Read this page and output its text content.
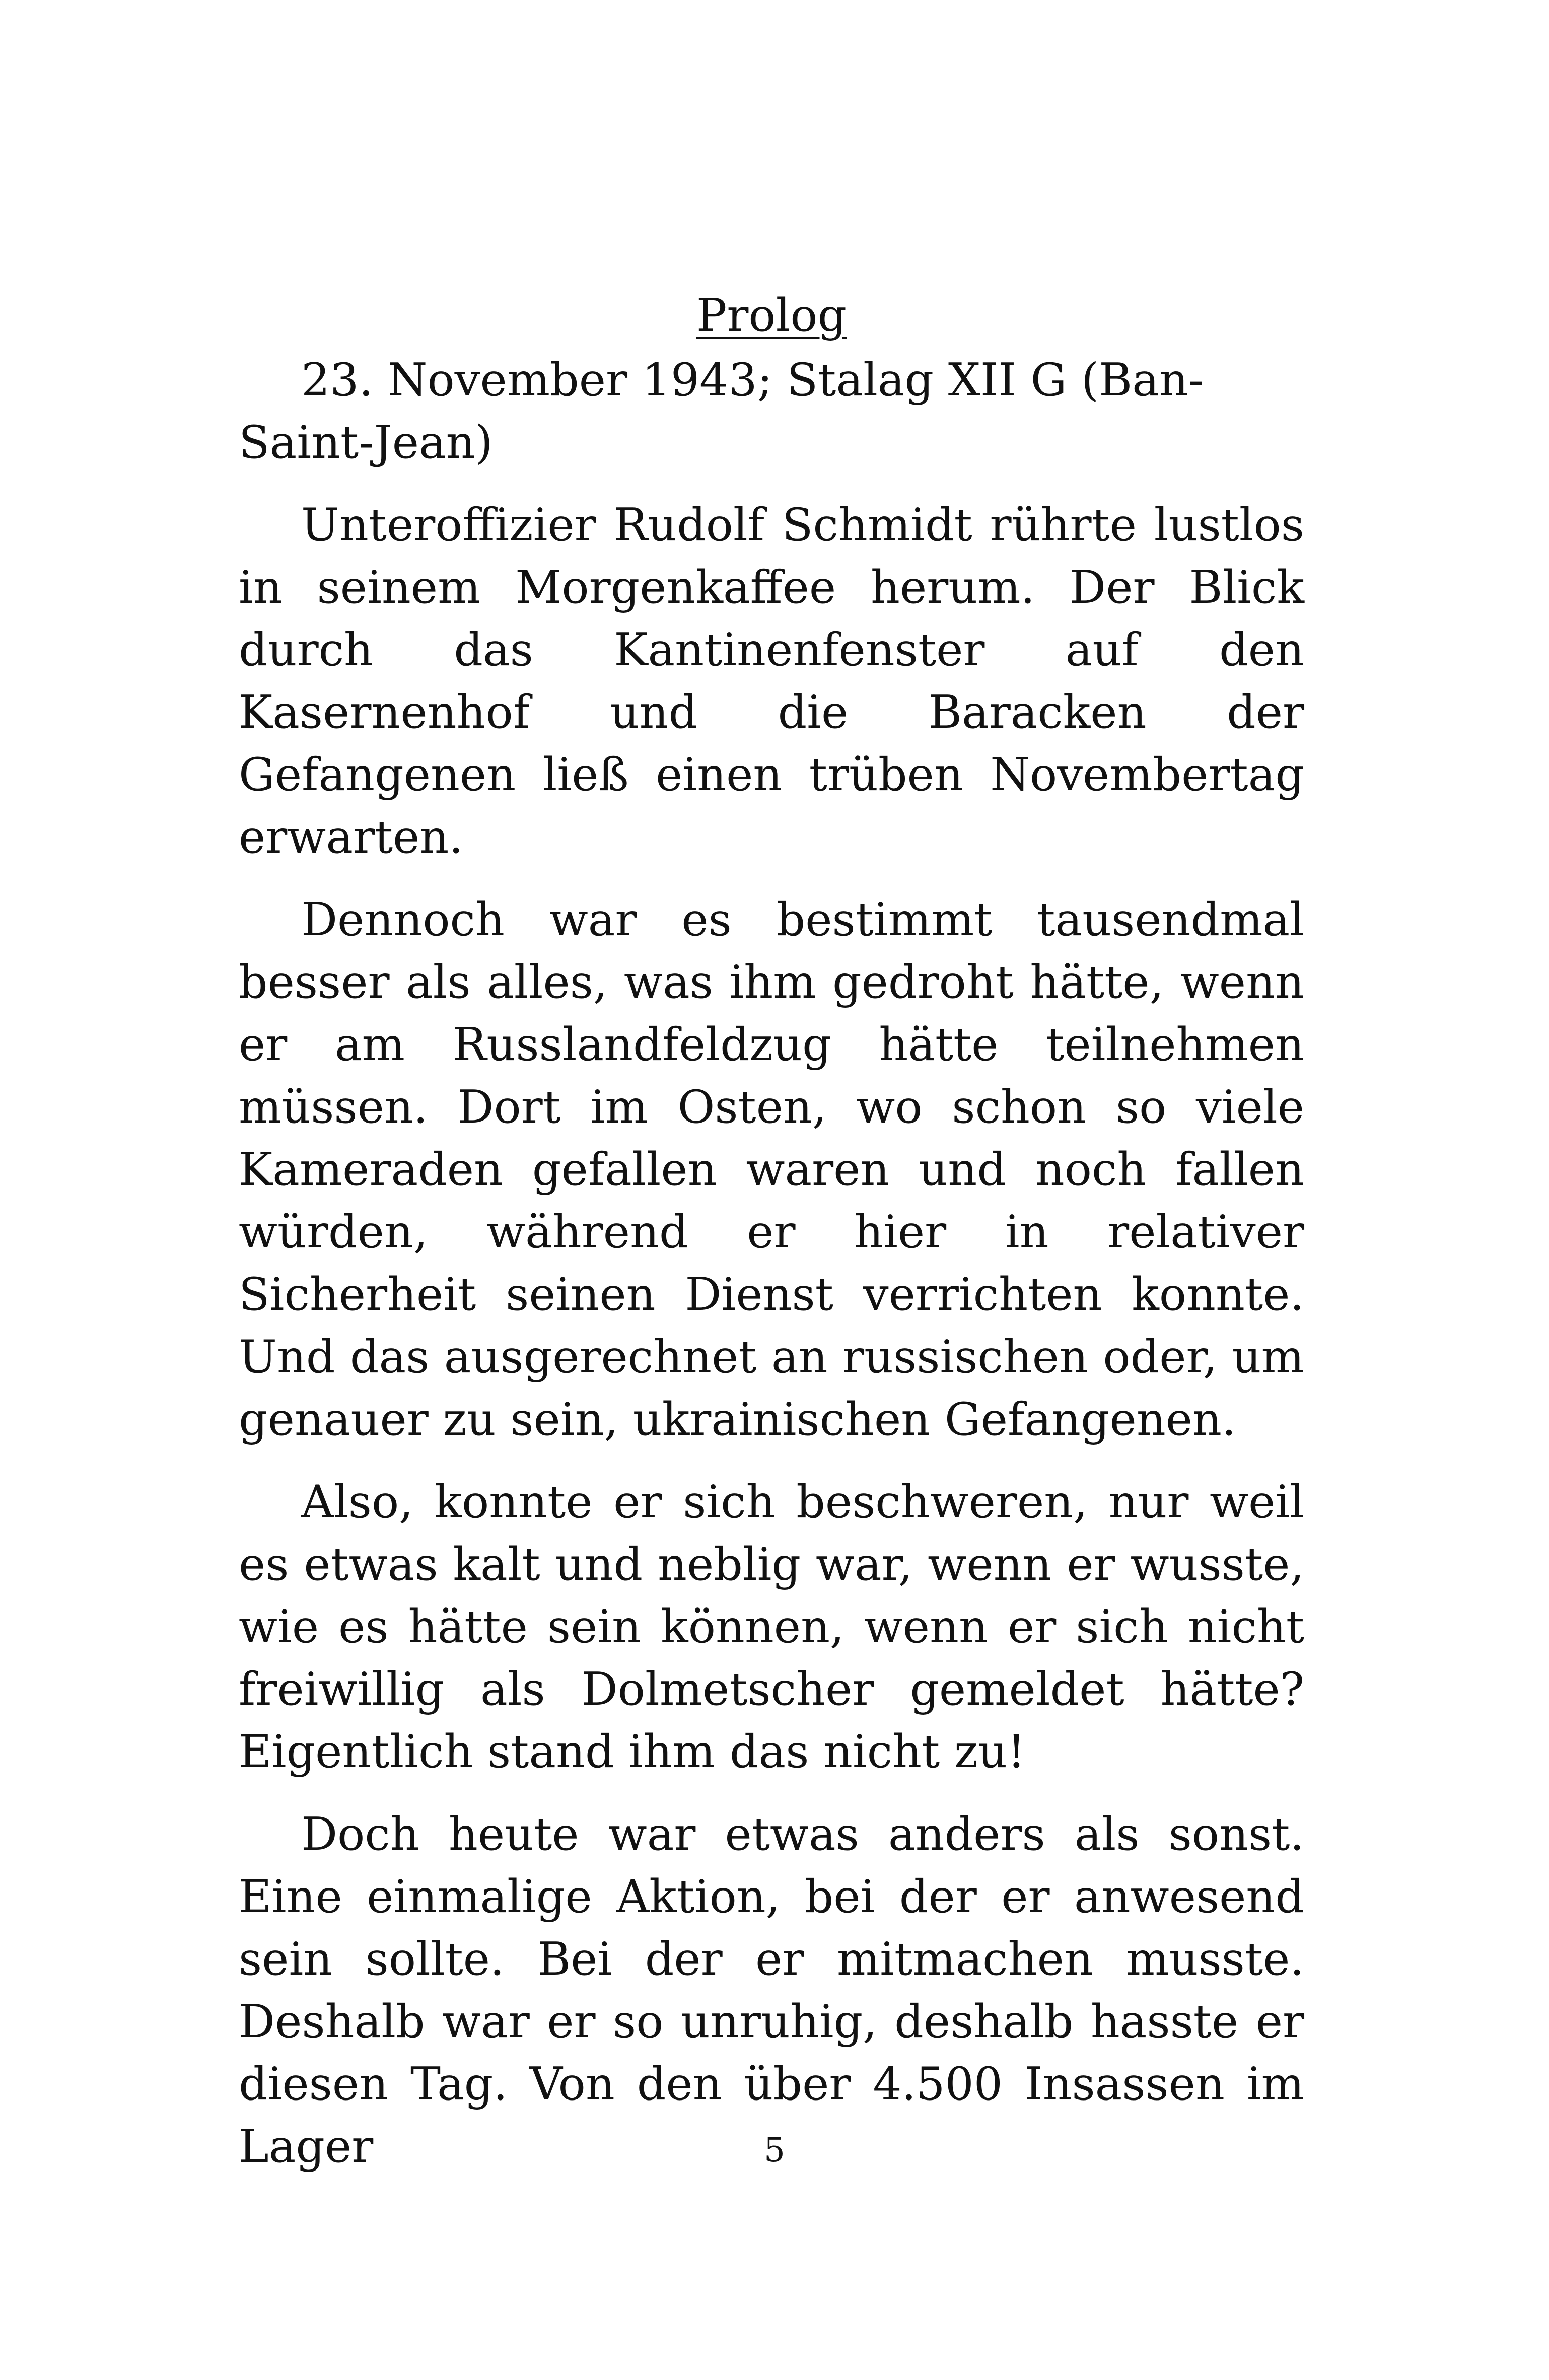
Prolog

23. November 1943; Stalag XII G (Ban-Saint-Jean)

Unteroffizier Rudolf Schmidt rührte lustlos in seinem Morgenkaffee herum. Der Blick durch das Kantinenfenster auf den Kasernenhof und die Baracken der Gefangenen ließ einen trüben Novembertag erwarten.

Dennoch war es bestimmt tausendmal besser als alles, was ihm gedroht hätte, wenn er am Russlandfeldzug hätte teilnehmen müssen. Dort im Osten, wo schon so viele Kameraden gefallen waren und noch fallen würden, während er hier in relativer Sicherheit seinen Dienst verrichten konnte. Und das ausgerechnet an russischen oder, um genauer zu sein, ukrainischen Gefangenen.

Also, konnte er sich beschweren, nur weil es etwas kalt und neblig war, wenn er wusste, wie es hätte sein können, wenn er sich nicht freiwillig als Dolmetscher gemeldet hätte? Eigentlich stand ihm das nicht zu!

Doch heute war etwas anders als sonst. Eine einmalige Aktion, bei der er anwesend sein sollte. Bei der er mitmachen musste. Deshalb war er so unruhig, deshalb hasste er diesen Tag. Von den über 4.500 Insassen im Lager	5
